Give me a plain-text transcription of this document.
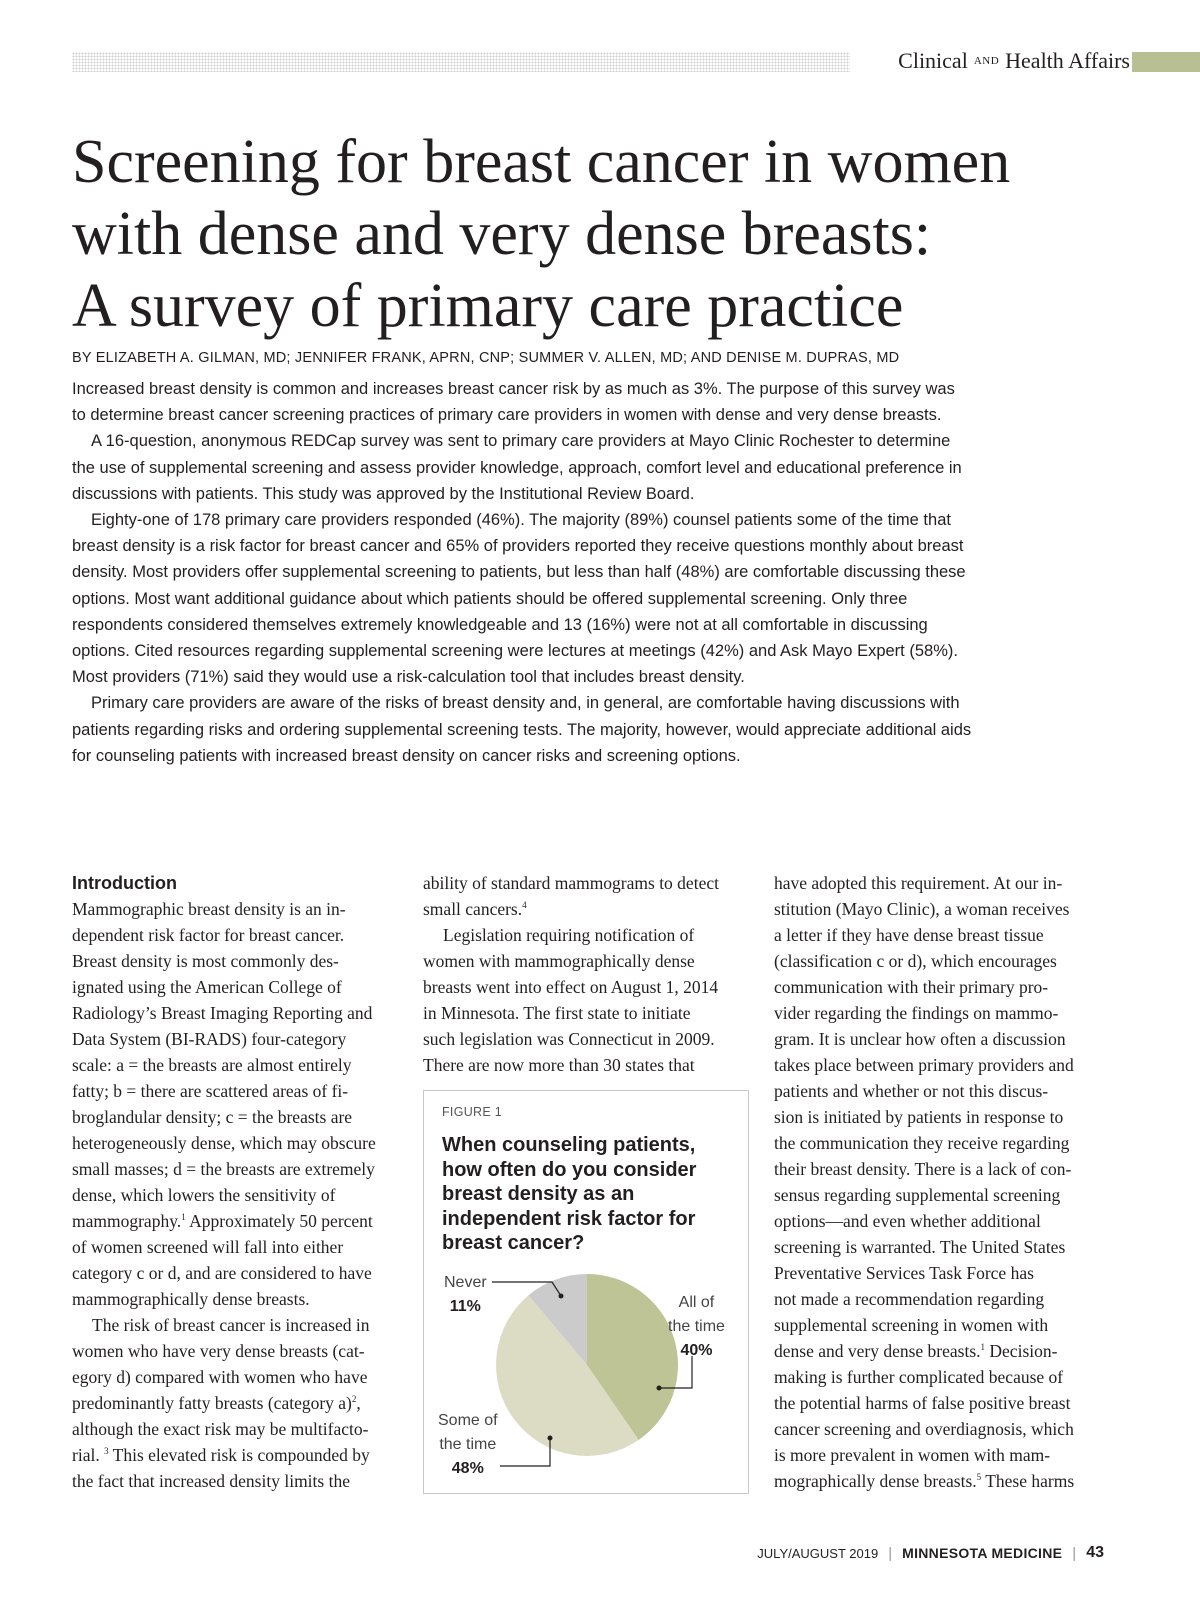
Clinical AND Health Affairs
Screening for breast cancer in women
with dense and very dense breasts:
A survey of primary care practice
BY ELIZABETH A. GILMAN, MD; JENNIFER FRANK, APRN, CNP; SUMMER V. ALLEN, MD; AND DENISE M. DUPRAS, MD

Increased breast density is common and increases breast cancer risk by as much as 3%. The purpose of this survey was to determine breast cancer screening practices of primary care providers in women with dense and very dense breasts.

A 16-question, anonymous REDCap survey was sent to primary care providers at Mayo Clinic Rochester to determine the use of supplemental screening and assess provider knowledge, approach, comfort level and educational preference in discussions with patients. This study was approved by the Institutional Review Board.

Eighty-one of 178 primary care providers responded (46%). The majority (89%) counsel patients some of the time that breast density is a risk factor for breast cancer and 65% of providers reported they receive questions monthly about breast density. Most providers offer supplemental screening to patients, but less than half (48%) are comfortable discussing these options. Most want additional guidance about which patients should be offered supplemental screening. Only three respondents considered themselves extremely knowledgeable and 13 (16%) were not at all comfortable in discussing options. Cited resources regarding supplemental screening were lectures at meetings (42%) and Ask Mayo Expert (58%). Most providers (71%) said they would use a risk-calculation tool that includes breast density.

Primary care providers are aware of the risks of breast density and, in general, are comfortable having discussions with patients regarding risks and ordering supplemental screening tests. The majority, however, would appreciate additional aids for counseling patients with increased breast density on cancer risks and screening options.

Introduction

Mammographic breast density is an in-
dependent risk factor for breast cancer.
Breast density is most commonly des-
ignated using the American College of
Radiology’s Breast Imaging Reporting and
Data System (BI-RADS) four-category
scale: a = the breasts are almost entirely
fatty; b = there are scattered areas of fi-
broglandular density; c = the breasts are
heterogeneously dense, which may obscure
small masses; d = the breasts are extremely
dense, which lowers the sensitivity of
mammography.$^1$ Approximately 50 percent
of women screened will fall into either
category c or d, and are considered to have
mammographically dense breasts.

The risk of breast cancer is increased in
women who have very dense breasts (cat-
egory d) compared with women who have
predominantly fatty breasts (category a)$^2$,
although the exact risk may be multifacto-
rial. $^3$ This elevated risk is compounded by
the fact that increased density limits the

ability of standard mammograms to detect
small cancers.$^4$

Legislation requiring notification of
women with mammographically dense
breasts went into effect on August 1, 2014
in Minnesota. The first state to initiate
such legislation was Connecticut in 2009.
There are now more than 30 states that

FIGURE 1
When counseling patients,
how often do you consider
breast density as an
independent risk factor for
breast cancer?
Never
11%	All of
the time
40%
Some of
the time
48%

have adopted this requirement. At our in-
stitution (Mayo Clinic), a woman receives
a letter if they have dense breast tissue
(classification c or d), which encourages
communication with their primary pro-
vider regarding the findings on mammo-
gram. It is unclear how often a discussion
takes place between primary providers and
patients and whether or not this discus-
sion is initiated by patients in response to
the communication they receive regarding
their breast density. There is a lack of con-
sensus regarding supplemental screening
options—and even whether additional
screening is warranted. The United States
Preventative Services Task Force has
not made a recommendation regarding
supplemental screening in women with
dense and very dense breasts.$^1$ Decision-
making is further complicated because of
the potential harms of false positive breast
cancer screening and overdiagnosis, which
is more prevalent in women with mam-
mographically dense breasts.$^5$ These harms

JULY/AUGUST 2019 | MINNESOTA MEDICINE | 43
